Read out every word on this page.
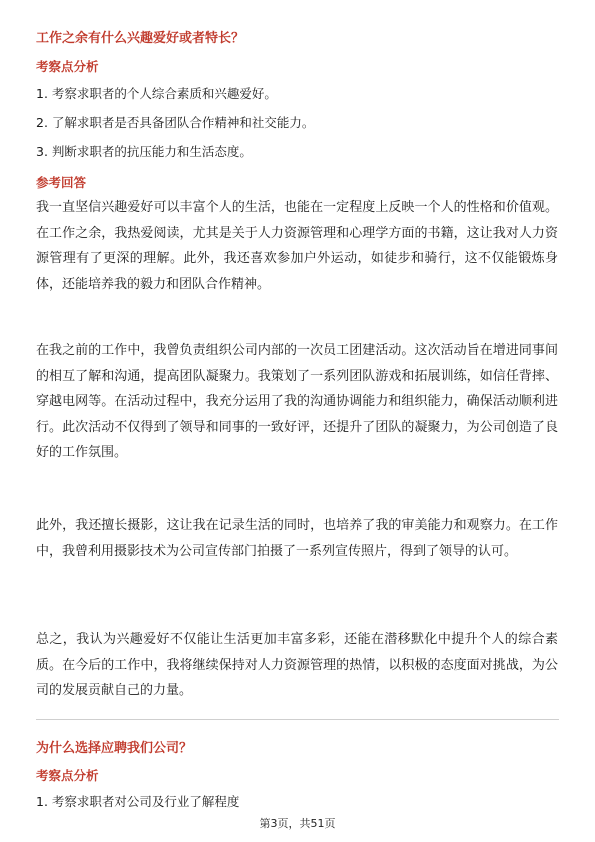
工作之余有什么兴趣爱好或者特长？
考察点分析

1. 考察求职者的个人综合素质和兴趣爱好。

2. 了解求职者是否具备团队合作精神和社交能力。

3. 判断求职者的抗压能力和生活态度。

参考回答

我一直坚信兴趣爱好可以丰富个人的生活，也能在一定程度上反映一个人的性格和价值观。在工作之余，我热爱阅读，尤其是关于人力资源管理和心理学方面的书籍，这让我对人力资源管理有了更深的理解。此外，我还喜欢参加户外运动，如徒步和骑行，这不仅能锻炼身体，还能培养我的毅力和团队合作精神。

在我之前的工作中，我曾负责组织公司内部的一次员工团建活动。这次活动旨在增进同事间的相互了解和沟通，提高团队凝聚力。我策划了一系列团队游戏和拓展训练，如信任背摔、穿越电网等。在活动过程中，我充分运用了我的沟通协调能力和组织能力，确保活动顺利进行。此次活动不仅得到了领导和同事的一致好评，还提升了团队的凝聚力，为公司创造了良好的工作氛围。

此外，我还擅长摄影，这让我在记录生活的同时，也培养了我的审美能力和观察力。在工作中，我曾利用摄影技术为公司宣传部门拍摄了一系列宣传照片，得到了领导的认可。

总之，我认为兴趣爱好不仅能让生活更加丰富多彩，还能在潜移默化中提升个人的综合素质。在今后的工作中，我将继续保持对人力资源管理的热情，以积极的态度面对挑战，为公司的发展贡献自己的力量。

为什么选择应聘我们公司？
考察点分析

1. 考察求职者对公司及行业了解程度

第3页，共51页
